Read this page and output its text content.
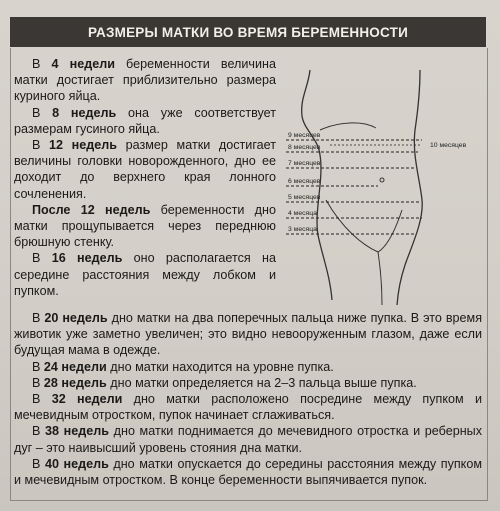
РАЗМЕРЫ МАТКИ ВО ВРЕМЯ БЕРЕМЕННОСТИ

В 4 недели беременности величина матки достигает приблизительно размера куриного яйца.

В 8 недель она уже соответствует размерам гусиного яйца.

В 12 недель размер матки достигает величины головки новорожденного, дно ее доходит до верхнего края лонного сочленения.

После 12 недель беременности дно матки прощупывается через переднюю брюшную стенку.

В 16 недель оно располагается на середине расстояния между лобком и пупком.

9 месяцев
8 месяцев
7 месяцев
6 месяцев
5 месяцев
4 месяца
3 месяца
10 месяцев

В 20 недель дно матки на два поперечных пальца ниже пупка. В это время животик уже заметно увеличен; это видно невооруженным глазом, даже если будущая мама в одежде.

В 24 недели дно матки находится на уровне пупка.

В 28 недель дно матки определяется на 2–3 пальца выше пупка.

В 32 недели дно матки расположено посредине между пупком и мечевидным отростком, пупок начинает сглаживаться.

В 38 недель дно матки поднимается до мечевидного отростка и реберных дуг – это наивысший уровень стояния дна матки.

В 40 недель дно матки опускается до середины расстояния между пупком и мечевидным отростком. В конце беременности выпячивается пупок.
